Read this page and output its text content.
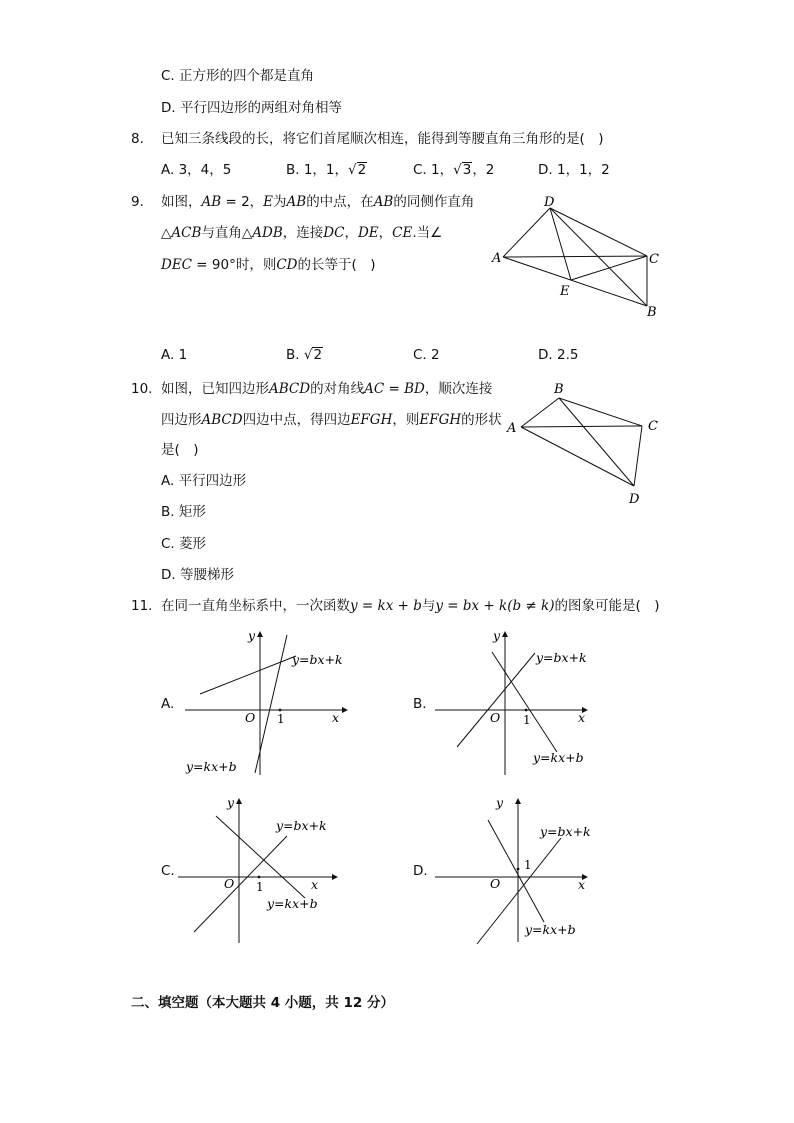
C. 正方形的四个都是直角
D. 平行四边形的两组对角相等
8. 已知三条线段的长，将它们首尾顺次相连，能得到等腰直角三角形的是(　)
A. 3，4，5	B. 1，1，√2	C. 1，√3，2	D. 1，1，2
9. 如图，AB = 2，E为AB的中点，在AB的同侧作直角
△ACB与直角△ADB，连接DC，DE，CE.当∠
DEC = 90°时，则CD的长等于(　)
D
A	C
E
B
A. 1	B. √2	C. 2	D. 2.5
10. 如图，已知四边形ABCD的对角线AC = BD，顺次连接
四边形ABCD四边中点，得四边EFGH，则EFGH的形状
是(　)
B
A	C
D
A. 平行四边形
B. 矩形
C. 菱形
D. 等腰梯形
11. 在同一直角坐标系中，一次函数y = kx + b与y = bx + k(b ≠ k)的图象可能是(　)
A.
y
x
O 1
y=bx+k
y=kx+b
B.
y
x
O 1
y=bx+k
y=kx+b
C.
y
x
O 1
y=bx+k
y=kx+b
D.
y
x
O
1
y=bx+k
y=kx+b
二、填空题（本大题共 4 小题，共 12 分）
